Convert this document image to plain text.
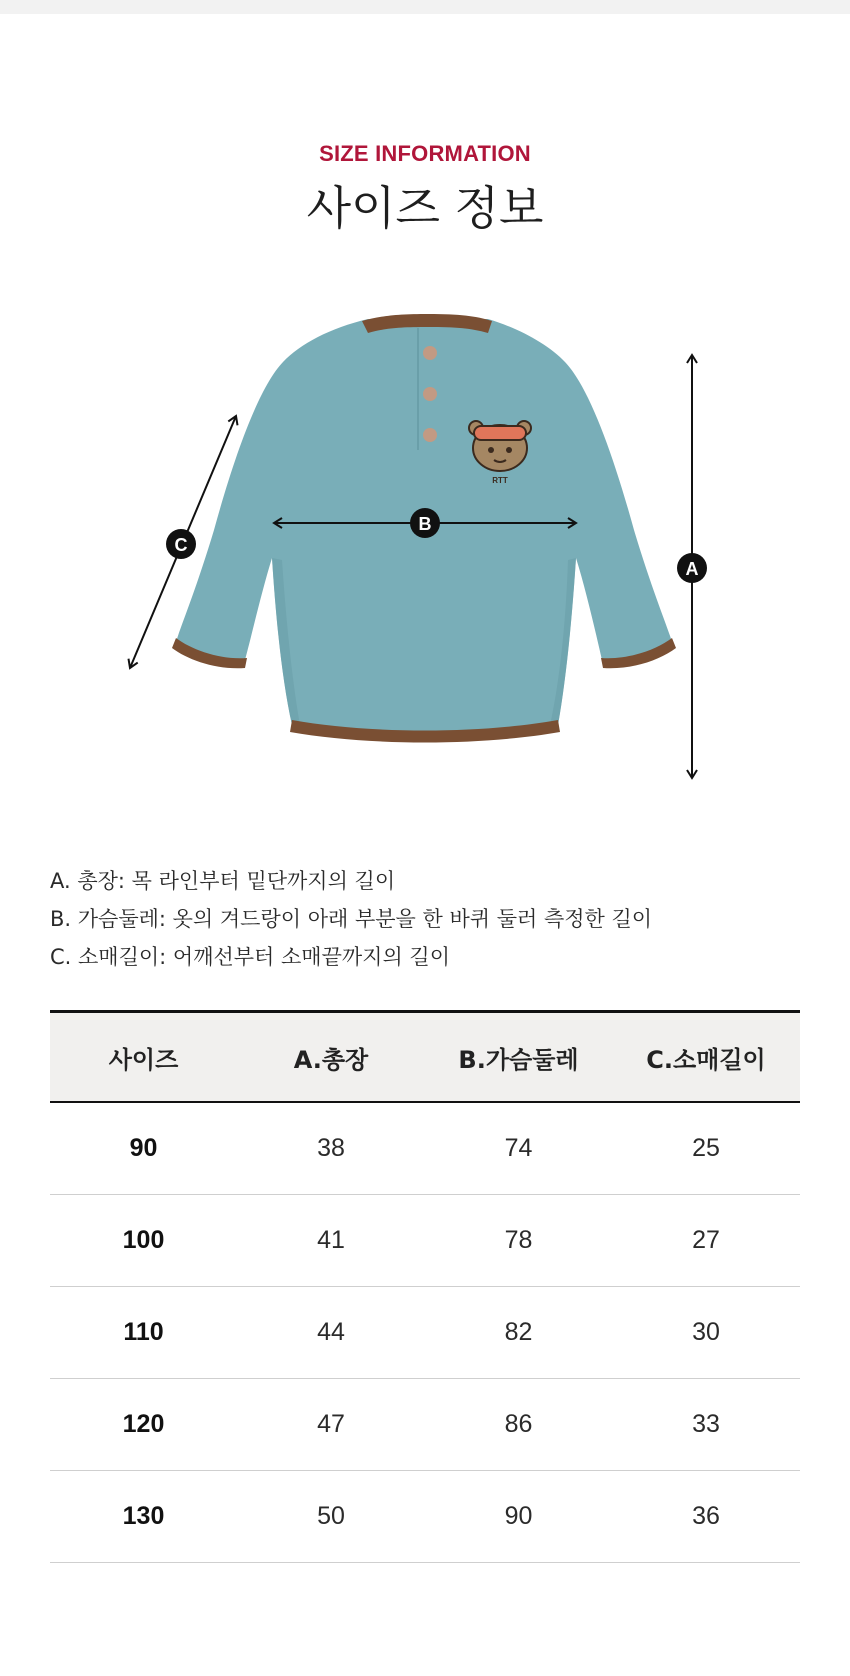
SIZE INFORMATION
사이즈 정보
RTT
A
B
C
A. 총장: 목 라인부터 밑단까지의 길이
B. 가슴둘레: 옷의 겨드랑이 아래 부분을 한 바퀴 둘러 측정한 길이
C. 소매길이: 어깨선부터 소매끝까지의 길이
사이즈	A.총장	B.가슴둘레	C.소매길이
90	38	74	25
100	41	78	27
110	44	82	30
120	47	86	33
130	50	90	36
